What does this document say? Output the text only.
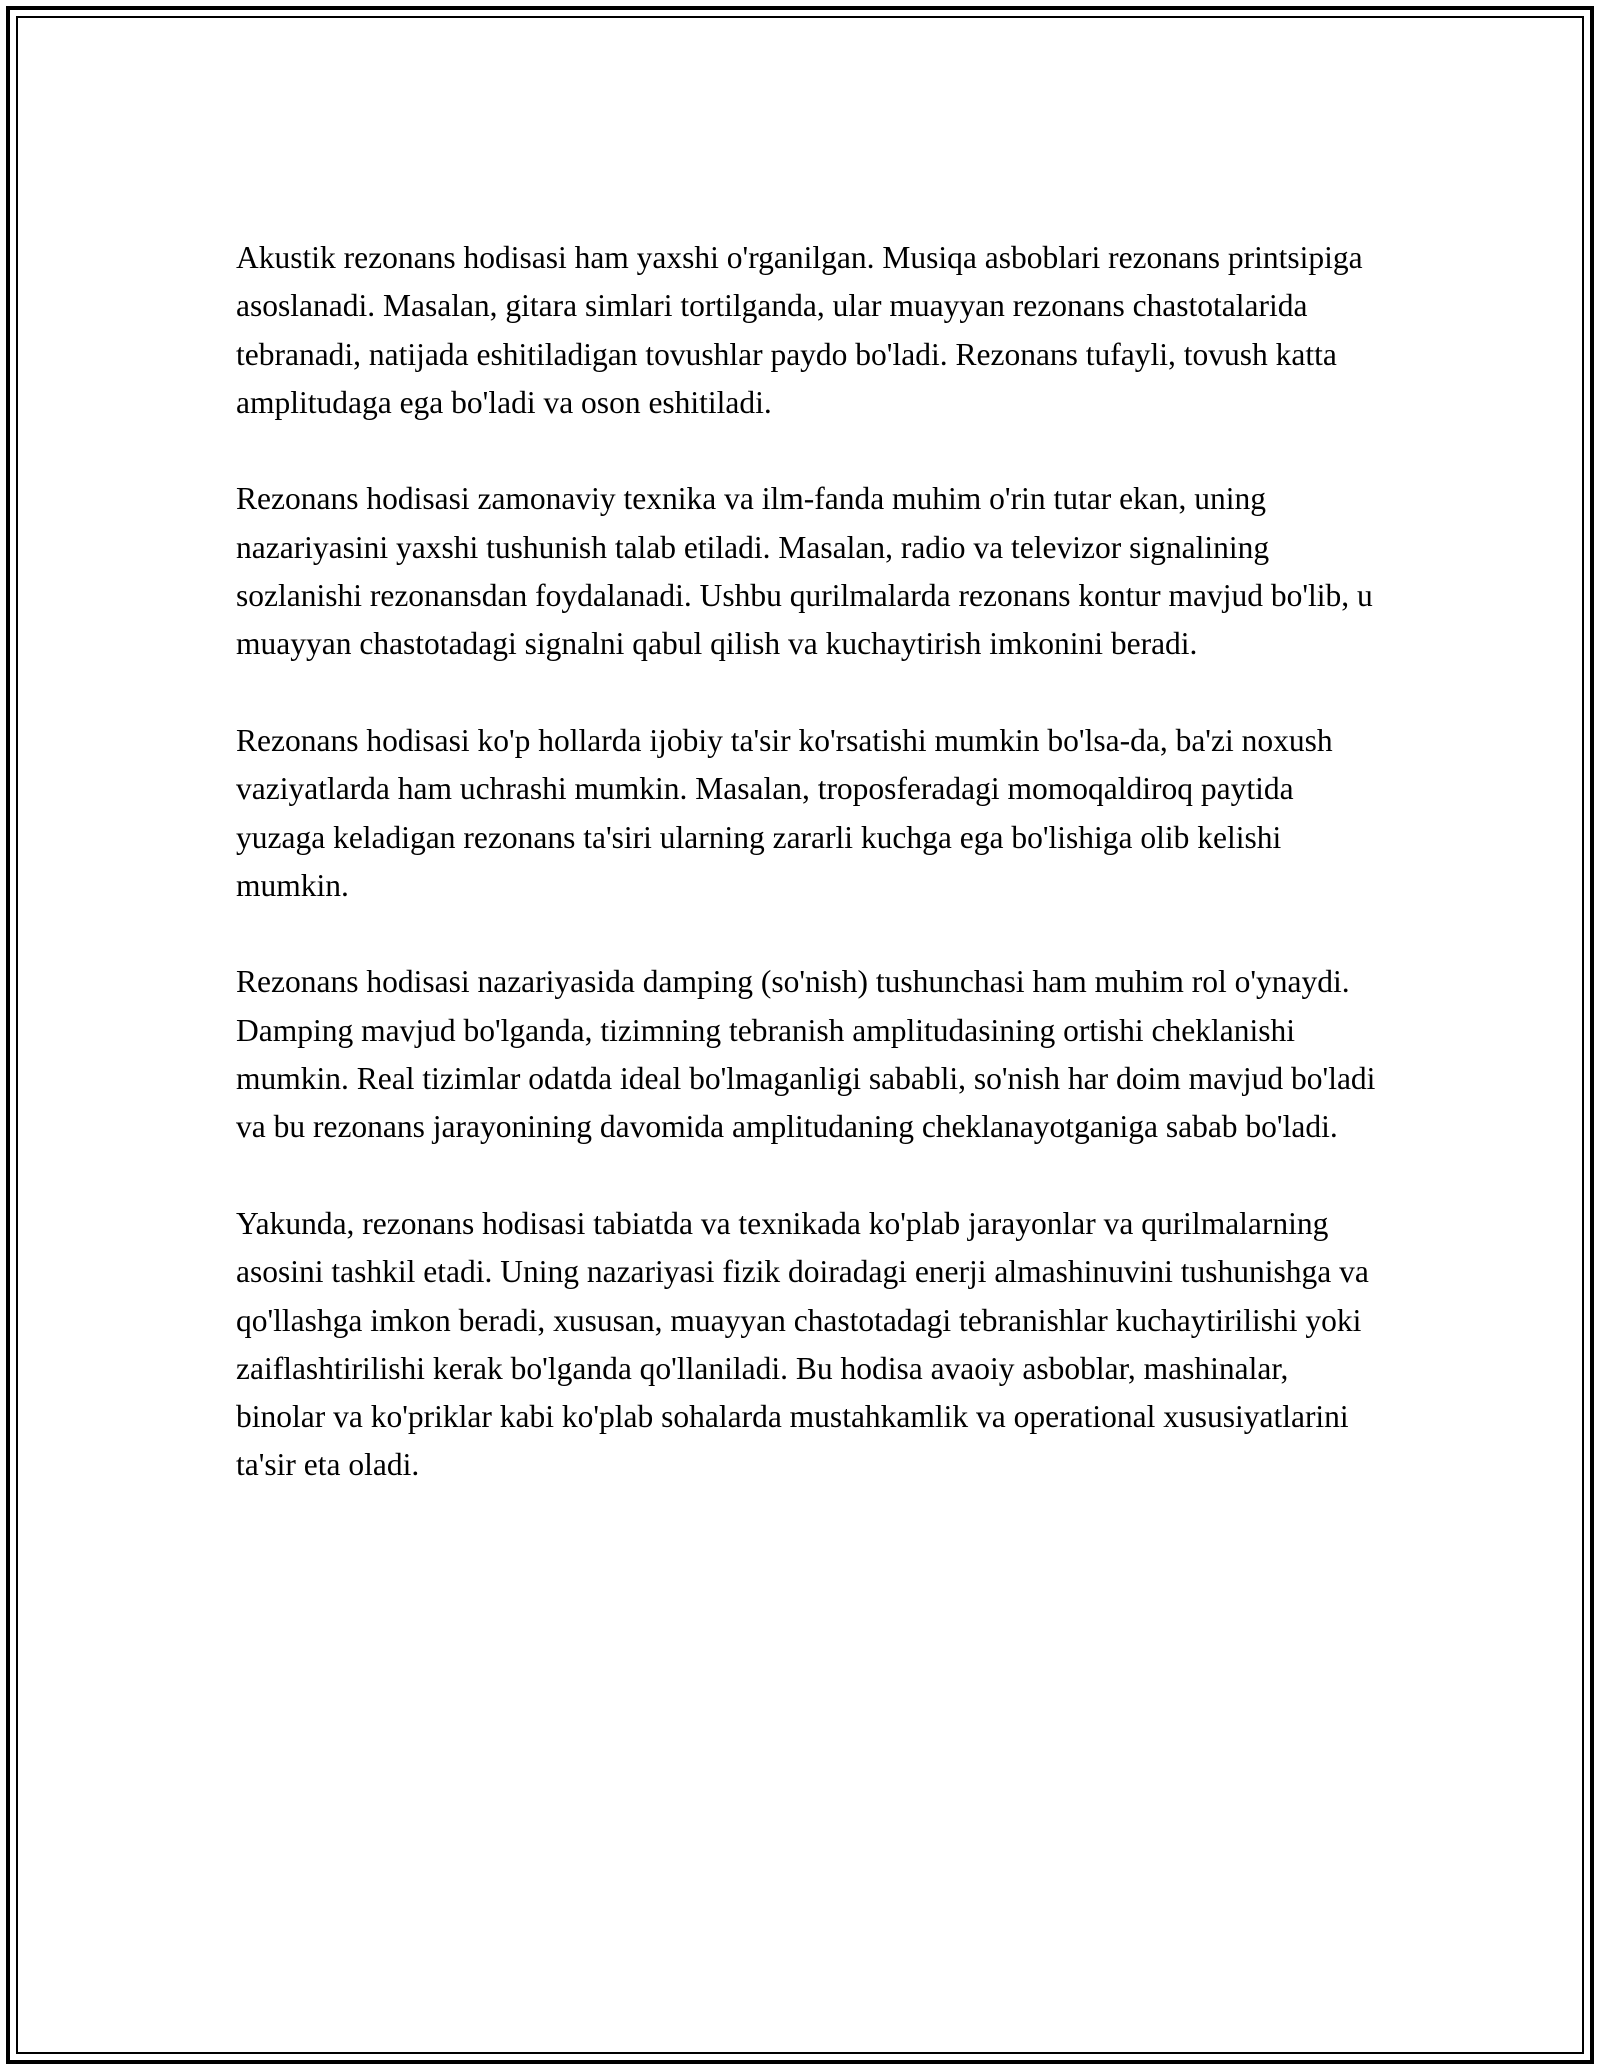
Akustik rezonans hodisasi ham yaxshi o'rganilgan. Musiqa asboblari rezonans printsipiga asoslanadi. Masalan, gitara simlari tortilganda, ular muayyan rezonans chastotalarida tebranadi, natijada eshitiladigan tovushlar paydo bo'ladi. Rezonans tufayli, tovush katta amplitudaga ega bo'ladi va oson eshitiladi.

Rezonans hodisasi zamonaviy texnika va ilm-fanda muhim o'rin tutar ekan, uning nazariyasini yaxshi tushunish talab etiladi. Masalan, radio va televizor signalining sozlanishi rezonansdan foydalanadi. Ushbu qurilmalarda rezonans kontur mavjud bo'lib, u muayyan chastotadagi signalni qabul qilish va kuchaytirish imkonini beradi.

Rezonans hodisasi ko'p hollarda ijobiy ta'sir ko'rsatishi mumkin bo'lsa-da, ba'zi noxush vaziyatlarda ham uchrashi mumkin. Masalan, troposferadagi momoqaldiroq paytida yuzaga keladigan rezonans ta'siri ularning zararli kuchga ega bo'lishiga olib kelishi mumkin.

Rezonans hodisasi nazariyasida damping (so'nish) tushunchasi ham muhim rol o'ynaydi. Damping mavjud bo'lganda, tizimning tebranish amplitudasining ortishi cheklanishi mumkin. Real tizimlar odatda ideal bo'lmaganligi sababli, so'nish har doim mavjud bo'ladi va bu rezonans jarayonining davomida amplitudaning cheklanayotganiga sabab bo'ladi.

Yakunda, rezonans hodisasi tabiatda va texnikada ko'plab jarayonlar va qurilmalarning asosini tashkil etadi. Uning nazariyasi fizik doiradagi enerji almashinuvini tushunishga va qo'llashga imkon beradi, xususan, muayyan chastotadagi tebranishlar kuchaytirilishi yoki zaiflashtirilishi kerak bo'lganda qo'llaniladi. Bu hodisa avaoiy asboblar, mashinalar, binolar va ko'priklar kabi ko'plab sohalarda mustahkamlik va operational xususiyatlarini ta'sir eta oladi.
